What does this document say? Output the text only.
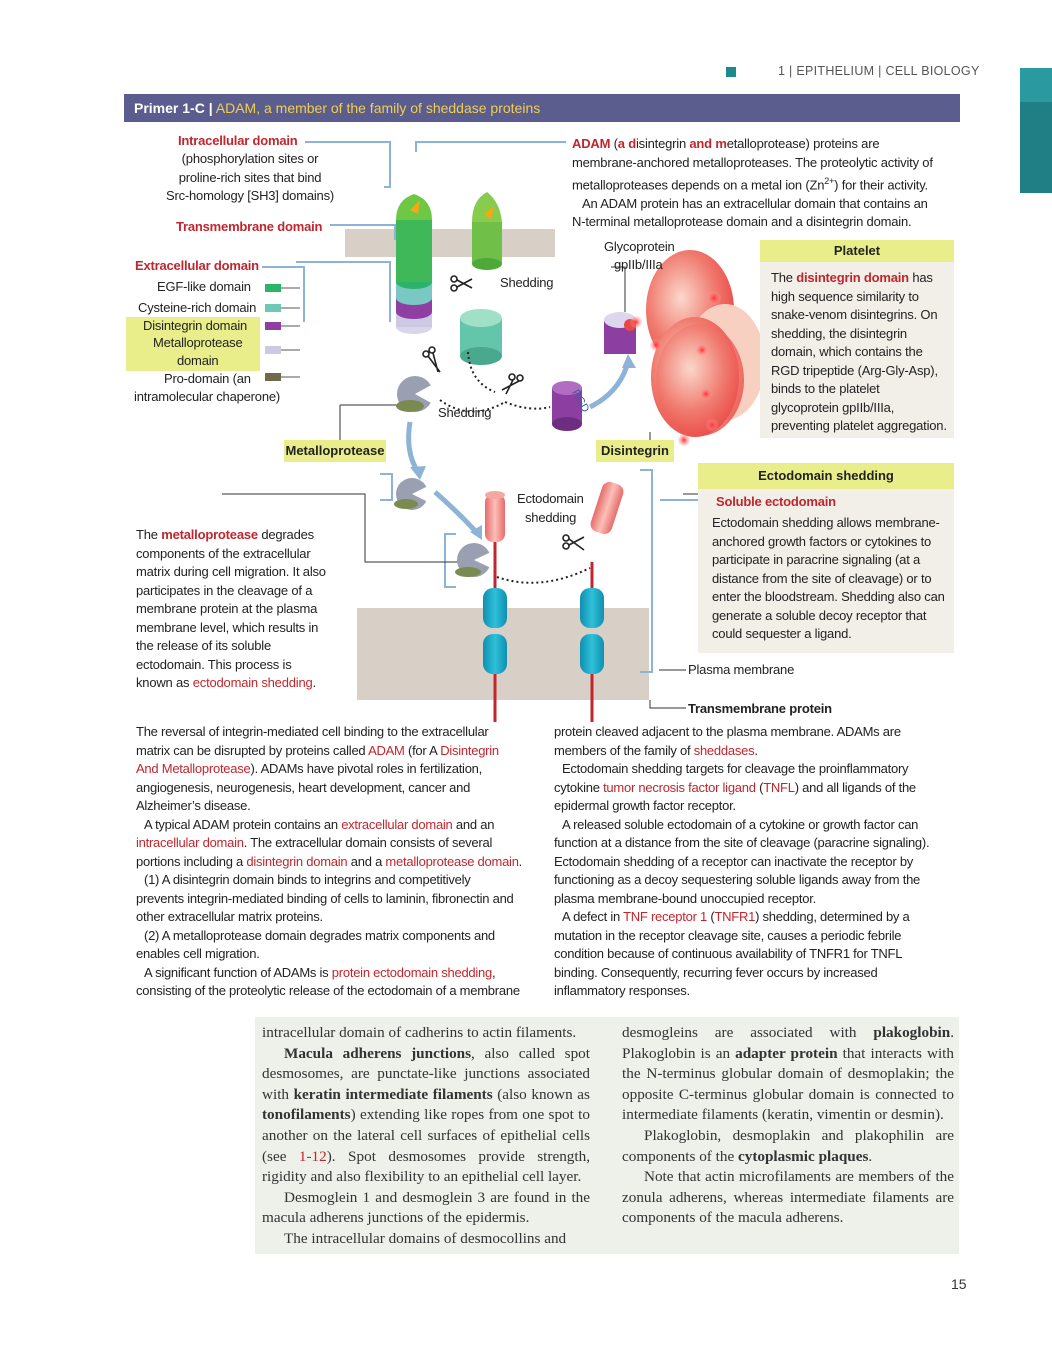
1 | EPITHELIUM | CELL BIOLOGY
Primer 1-C | ADAM, a member of the family of sheddase proteins
Intracellular domain
(phosphorylation sites or
proline-rich sites that bind
Src-homology [SH3] domains)
Transmembrane domain
Extracellular domain
EGF-like domain
Cysteine-rich domain
Disintegrin domain
Metalloprotease
domain
Pro-domain (an
intramolecular chaperone)
Shedding
Shedding	RGD
Metalloprotease	Disintegrin
Glycoprotein
gpIIb/IIIa
ADAM (a disintegrin and metalloprotease) proteins are
membrane-anchored metalloproteases. The proteolytic activity of
metalloproteases depends on a metal ion $(Zn^{2+})$ for their activity.
An ADAM protein has an extracellular domain that contains an
N-terminal metalloprotease domain and a disintegrin domain.
Platelet
The disintegrin domain has
high sequence similarity to
snake-venom disintegrins. On
shedding, the disintegrin
domain, which contains the
RGD tripeptide (Arg-Gly-Asp),
binds to the platelet
glycoprotein gpIIb/IIIa,
preventing platelet aggregation.
Ectodomain
shedding
Ectodomain shedding
Soluble ectodomain
Ectodomain shedding allows membrane-
anchored growth factors or cytokines to
participate in paracrine signaling (at a
distance from the site of cleavage) or to
enter the bloodstream. Shedding also can
generate a soluble decoy receptor that
could sequester a ligand.
The metalloprotease degrades
components of the extracellular
matrix during cell migration. It also
participates in the cleavage of a
membrane protein at the plasma
membrane level, which results in
the release of its soluble
ectodomain. This process is
known as ectodomain shedding.
Plasma membrane
Transmembrane protein
The reversal of integrin-mediated cell binding to the extracellular
matrix can be disrupted by proteins called ADAM (for A Disintegrin
And Metalloprotease). ADAMs have pivotal roles in fertilization,
angiogenesis, neurogenesis, heart development, cancer and
Alzheimer’s disease.
A typical ADAM protein contains an extracellular domain and an
intracellular domain. The extracellular domain consists of several
portions including a disintegrin domain and a metalloprotease domain.
(1) A disintegrin domain binds to integrins and competitively
prevents integrin-mediated binding of cells to laminin, fibronectin and
other extracellular matrix proteins.
(2) A metalloprotease domain degrades matrix components and
enables cell migration.
A significant function of ADAMs is protein ectodomain shedding,
consisting of the proteolytic release of the ectodomain of a membrane
protein cleaved adjacent to the plasma membrane. ADAMs are
members of the family of sheddases.
Ectodomain shedding targets for cleavage the proinflammatory
cytokine tumor necrosis factor ligand (TNFL) and all ligands of the
epidermal growth factor receptor.
A released soluble ectodomain of a cytokine or growth factor can
function at a distance from the site of cleavage (paracrine signaling).
Ectodomain shedding of a receptor can inactivate the receptor by
functioning as a decoy sequestering soluble ligands away from the
plasma membrane-bound unoccupied receptor.
A defect in TNF receptor 1 (TNFR1) shedding, determined by a
mutation in the receptor cleavage site, causes a periodic febrile
condition because of continuous availability of TNFR1 for TNFL
binding. Consequently, recurring fever occurs by increased
inflammatory responses.

intracellular domain of cadherins to actin filaments.

Macula adherens junctions, also called spot desmosomes, are punctate-like junctions associated with keratin intermediate filaments (also known as tonofilaments) extending like ropes from one spot to another on the lateral cell surfaces of epithelial cells (see 1-12). Spot desmosomes provide strength, rigidity and also flexibility to an epithelial cell layer.

Desmoglein 1 and desmoglein 3 are found in the macula adherens junctions of the epidermis.

The intracellular domains of desmocollins and

desmogleins are associated with plakoglobin. Plakoglobin is an adapter protein that interacts with the N-terminus globular domain of desmoplakin; the opposite C-terminus globular domain is connected to intermediate filaments (keratin, vimentin or desmin).

Plakoglobin, desmoplakin and plakophilin are components of the cytoplasmic plaques.

Note that actin microfilaments are members of the zonula adherens, whereas intermediate filaments are components of the macula adherens.

15
